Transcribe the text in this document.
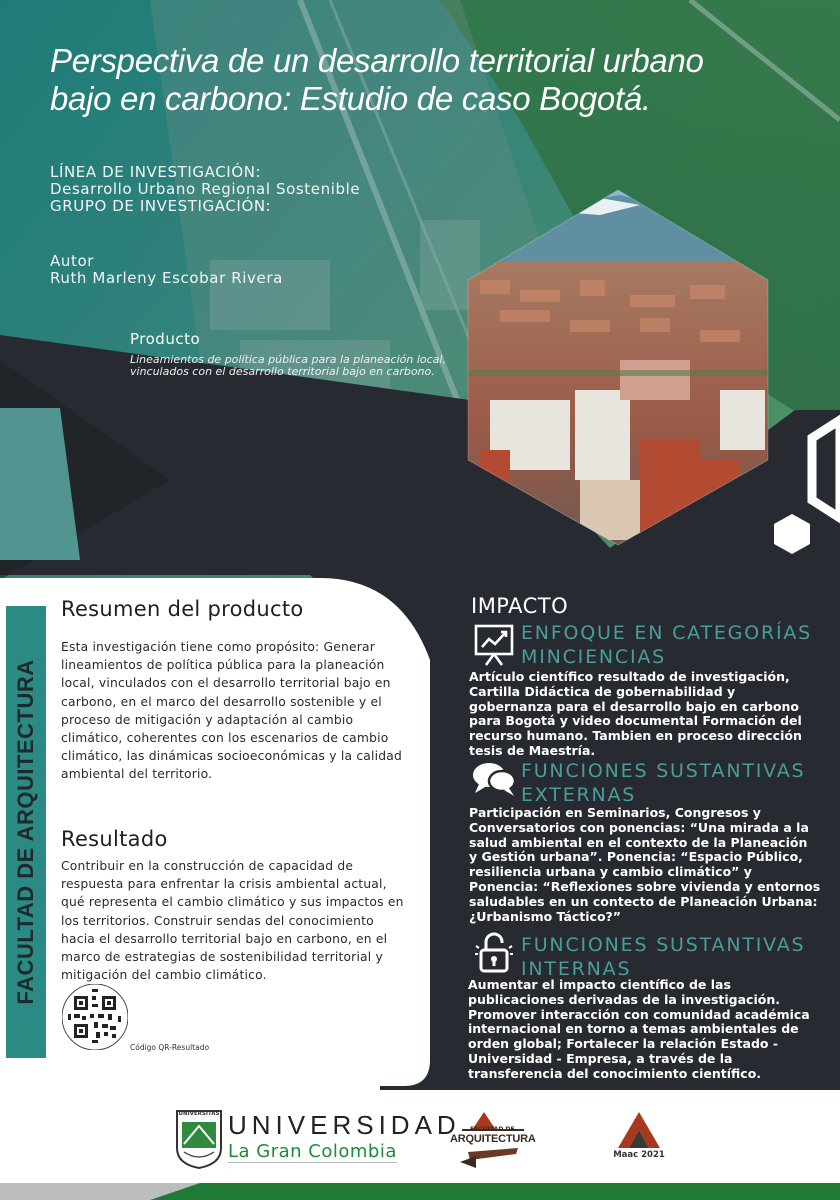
Perspectiva de un desarrollo territorial urbano
bajo en carbono: Estudio de caso Bogotá.
LÍNEA DE INVESTIGACIÓN:
Desarrollo Urbano Regional Sostenible
GRUPO DE INVESTIGACIÓN:
Autor
Ruth Marleny Escobar Rivera
Producto
Lineamientos de política pública para la planeación local,
vinculados con el desarrollo territorial bajo en carbono.
FACULTAD DE ARQUITECTURA
Resumen del producto
Esta investigación tiene como propósito: Generar
lineamientos de política pública para la planeación
local, vinculados con el desarrollo territorial bajo en
carbono, en el marco del desarrollo sostenible y el
proceso de mitigación y adaptación al cambio
climático, coherentes con los escenarios de cambio
climático, las dinámicas socioeconómicas y la calidad
ambiental del territorio.
Resultado
Contribuir en la construcción de capacidad de
respuesta para enfrentar la crisis ambiental actual,
qué representa el cambio climático y sus impactos en
los territorios. Construir sendas del conocimiento
hacia el desarrollo territorial bajo en carbono, en el
marco de estrategias de sostenibilidad territorial y
mitigación del cambio climático.
Código QR-Resultado
IMPACTO
ENFOQUE EN CATEGORÍAS
MINCIENCIAS
Artículo científico resultado de investigación,
Cartilla Didáctica de gobernabilidad y
gobernanza para el desarrollo bajo en carbono
para Bogotá y video documental Formación del
recurso humano. Tambien en proceso dirección
tesis de Maestría.
FUNCIONES SUSTANTIVAS
EXTERNAS
Participación en Seminarios, Congresos y
Conversatorios con ponencias: “Una mirada a la
salud ambiental en el contexto de la Planeación
y Gestión urbana”. Ponencia: “Espacio Público,
resiliencia urbana y cambio climático” y
Ponencia: “Reflexiones sobre vivienda y entornos
saludables en un contecto de Planeación Urbana:
¿Urbanismo Táctico?”
FUNCIONES SUSTANTIVAS
INTERNAS
Aumentar el impacto científico de las
publicaciones derivadas de la investigación.
Promover interacción con comunidad académica
internacional en torno a temas ambientales de
orden global; Fortalecer la relación Estado -
Universidad - Empresa, a través de la
transferencia del conocimiento científico.
UNIVERSITAS UNIVERSIDAD
La Gran Colombia
FACULTAD DE
ARQUITECTURA
Maac 2021
